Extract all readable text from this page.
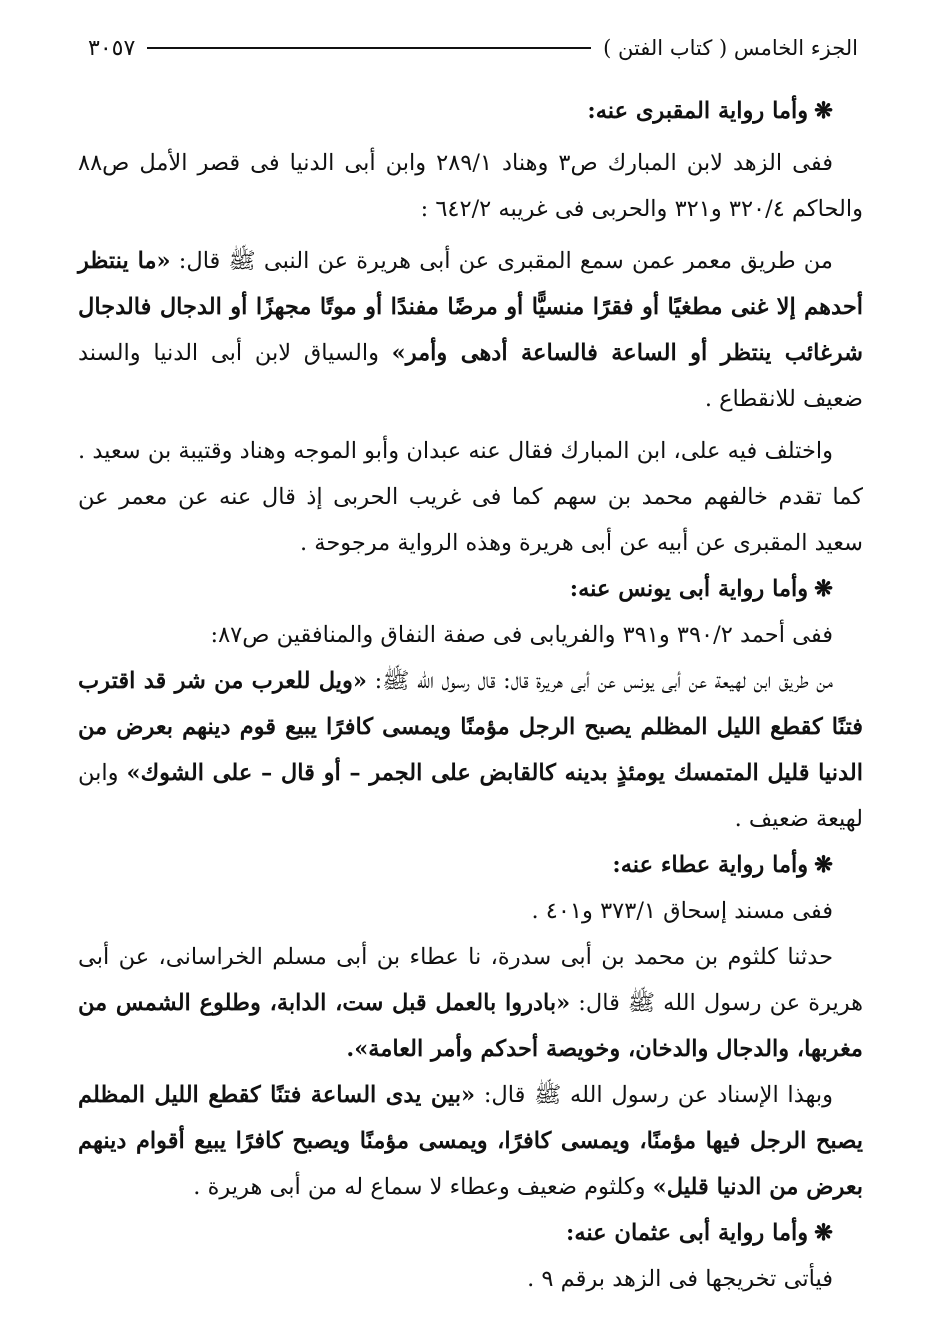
الجزء الخامس ( كتاب الفتن )
٣٠٥٧

❋وأما رواية المقبرى عنه:

ففى الزهد لابن المبارك ص٣ وهناد ٢٨٩/١ وابن أبى الدنيا فى قصر الأمل ص٨٨ والحاكم ٣٢٠/٤ و٣٢١ والحربى فى غريبه ٦٤٢/٢ :

من طريق معمر عمن سمع المقبرى عن أبى هريرة عن النبى ﷺ قال: «ما ينتظر أحدهم إلا غنى مطغيًا أو فقرًا منسيًّا أو مرضًا مفندًا أو موتًا مجهزًا أو الدجال فالدجال شرغائب ينتظر أو الساعة فالساعة أدهى وأمر» والسياق لابن أبى الدنيا والسند ضعيف للانقطاع .

واختلف فيه على، ابن المبارك فقال عنه عبدان وأبو الموجه وهناد وقتيبة بن سعيد . كما تقدم خالفهم محمد بن سهم كما فى غريب الحربى إذ قال عنه عن معمر عن سعيد المقبرى عن أبيه عن أبى هريرة وهذه الرواية مرجوحة .

❋وأما رواية أبى يونس عنه:

ففى أحمد ٣٩٠/٢ و٣٩١ والفريابى فى صفة النفاق والمنافقين ص٨٧:

من طريق ابن لهيعة عن أبى يونس عن أبى هريرة قال: قال رسول الله ﷺ: «ويل للعرب من شر قد اقترب فتنًا كقطع الليل المظلم يصبح الرجل مؤمنًا ويمسى كافرًا يبيع قوم دينهم بعرض من الدنيا قليل المتمسك يومئذٍ بدينه كالقابض على الجمر – أو قال – على الشوك» وابن لهيعة ضعيف .

❋وأما رواية عطاء عنه:

ففى مسند إسحاق ٣٧٣/١ و٤٠١ .

حدثنا كلثوم بن محمد بن أبى سدرة، نا عطاء بن أبى مسلم الخراسانى، عن أبى هريرة عن رسول الله ﷺ قال: «بادروا بالعمل قبل ست، الدابة، وطلوع الشمس من مغربها، والدجال والدخان، وخويصة أحدكم وأمر العامة».

وبهذا الإسناد عن رسول الله ﷺ قال: «بين يدى الساعة فتنًا كقطع الليل المظلم يصبح الرجل فيها مؤمنًا، ويمسى كافرًا، ويمسى مؤمنًا ويصبح كافرًا يبيع أقوام دينهم بعرض من الدنيا قليل» وكلثوم ضعيف وعطاء لا سماع له من أبى هريرة .

❋وأما رواية أبى عثمان عنه:

فيأتى تخريجها فى الزهد برقم ٩ .
